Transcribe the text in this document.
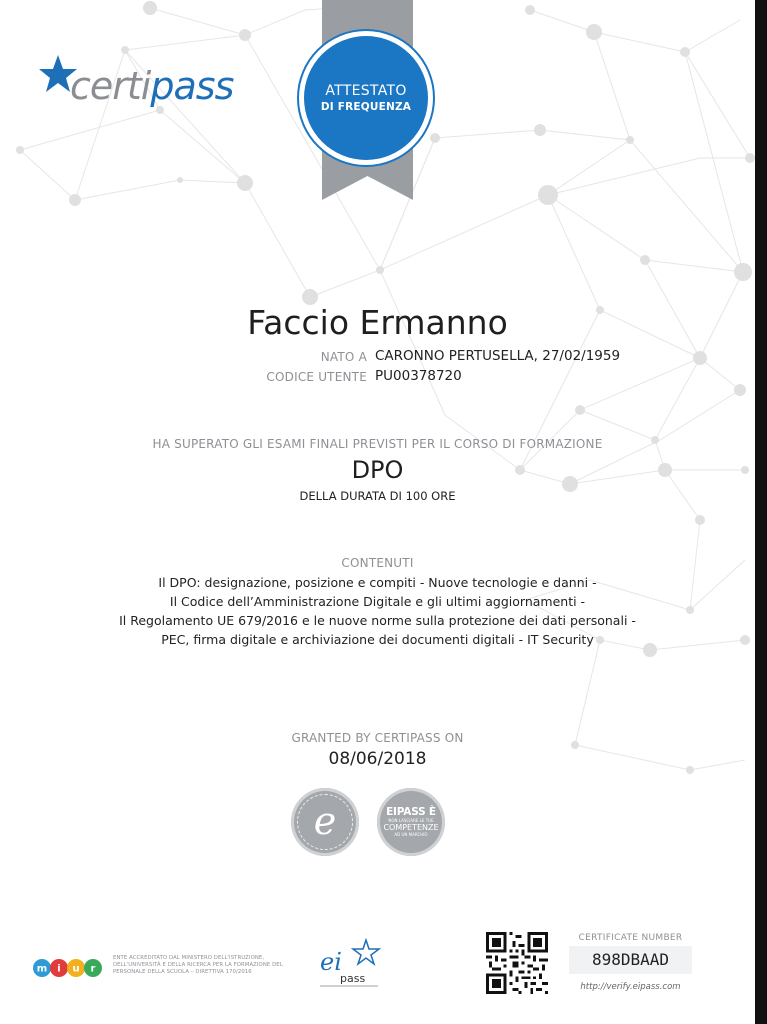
certipass	ATTESTATO
DI FREQUENZA
Faccio Ermanno
NATO A CARONNO PERTUSELLA, 27/02/1959
CODICE UTENTE PU00378720
HA SUPERATO GLI ESAMI FINALI PREVISTI PER IL CORSO DI FORMAZIONE
DPO
DELLA DURATA DI 100 ORE
CONTENUTI
Il DPO: designazione, posizione e compiti - Nuove tecnologie e danni -
Il Codice dell’Amministrazione Digitale e gli ultimi aggiornamenti -
Il Regolamento UE 679/2016 e le nuove norme sulla protezione dei dati personali -
PEC, firma digitale e archiviazione dei documenti digitali - IT Security
GRANTED BY CERTIPASS ON
08/06/2018
e	EIPASS È
NON LASCIARE LE TUE
COMPETENZE
AD UN MARCHIO
m i u r
ENTE ACCREDITATO DAL MINISTERO DELL'ISTRUZIONE, DELL'UNIVERSITÀ E DELLA RICERCA PER LA FORMAZIONE DEL PERSONALE DELLA SCUOLA – DIRETTIVA 170/2016	ei
pass
CERTIFICATE NUMBER
898DBAAD
http://verify.eipass.com
